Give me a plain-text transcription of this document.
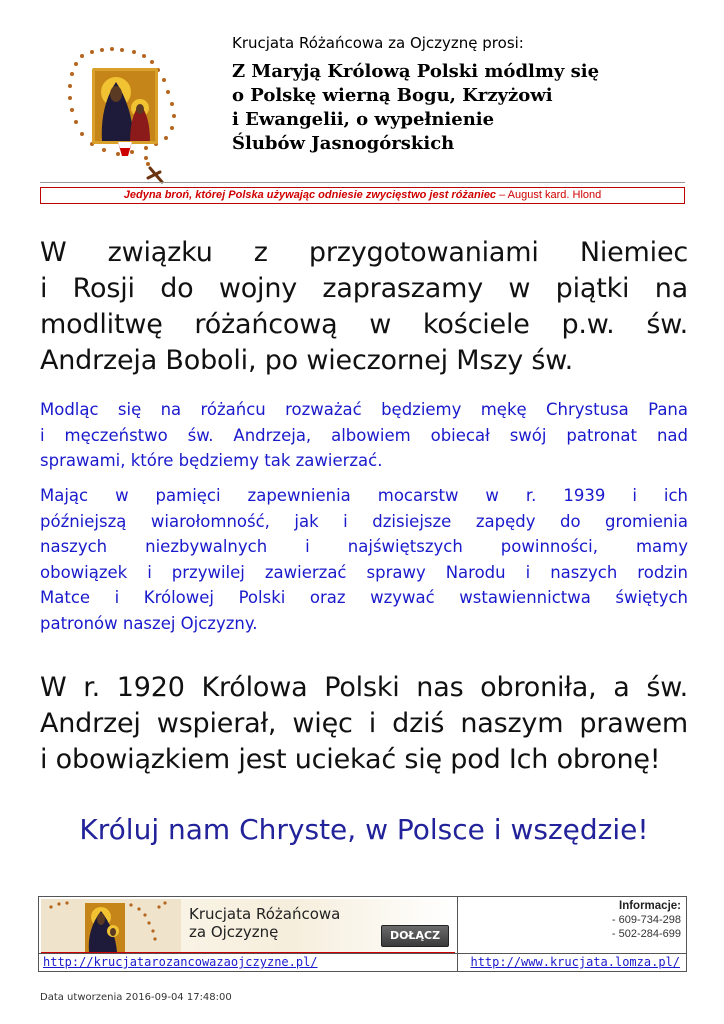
Krucjata Różańcowa za Ojczyznę prosi:
Z Maryją Królową Polski módlmy się
o Polskę wierną Bogu, Krzyżowi
i Ewangelii, o wypełnienie
Ślubów Jasnogórskich
Jedyna broń, której Polska używając odniesie zwycięstwo jest różaniec – August kard. Hlond
W związku z przygotowaniami Niemiec
i Rosji do wojny zapraszamy w piątki na
modlitwę różańcową w kościele p.w. św.
Andrzeja Boboli, po wieczornej Mszy św.
Modląc się na różańcu rozważać będziemy mękę Chrystusa Pana
i męczeństwo św. Andrzeja, albowiem obiecał swój patronat nad
sprawami, które będziemy tak zawierzać.
Mając w pamięci zapewnienia mocarstw w r. 1939 i ich
późniejszą wiarołomność, jak i dzisiejsze zapędy do gromienia
naszych niezbywalnych i najświętszych powinności, mamy
obowiązek i przywilej zawierzać sprawy Narodu i naszych rodzin
Matce i Królowej Polski oraz wzywać wstawiennictwa świętych
patronów naszej Ojczyzny.
W r. 1920 Królowa Polski nas obroniła, a św.
Andrzej wspierał, więc i dziś naszym prawem
i obowiązkiem jest uciekać się pod Ich obronę!
Króluj nam Chryste, w Polsce i wszędzie!
Krucjata Różańcowa
za Ojczyznę	DOŁĄCZ
Informacje:
- 609-734-298
- 502-284-699
http://krucjatarozancowazaojczyzne.pl/	http://www.krucjata.lomza.pl/
Data utworzenia 2016-09-04 17:48:00
